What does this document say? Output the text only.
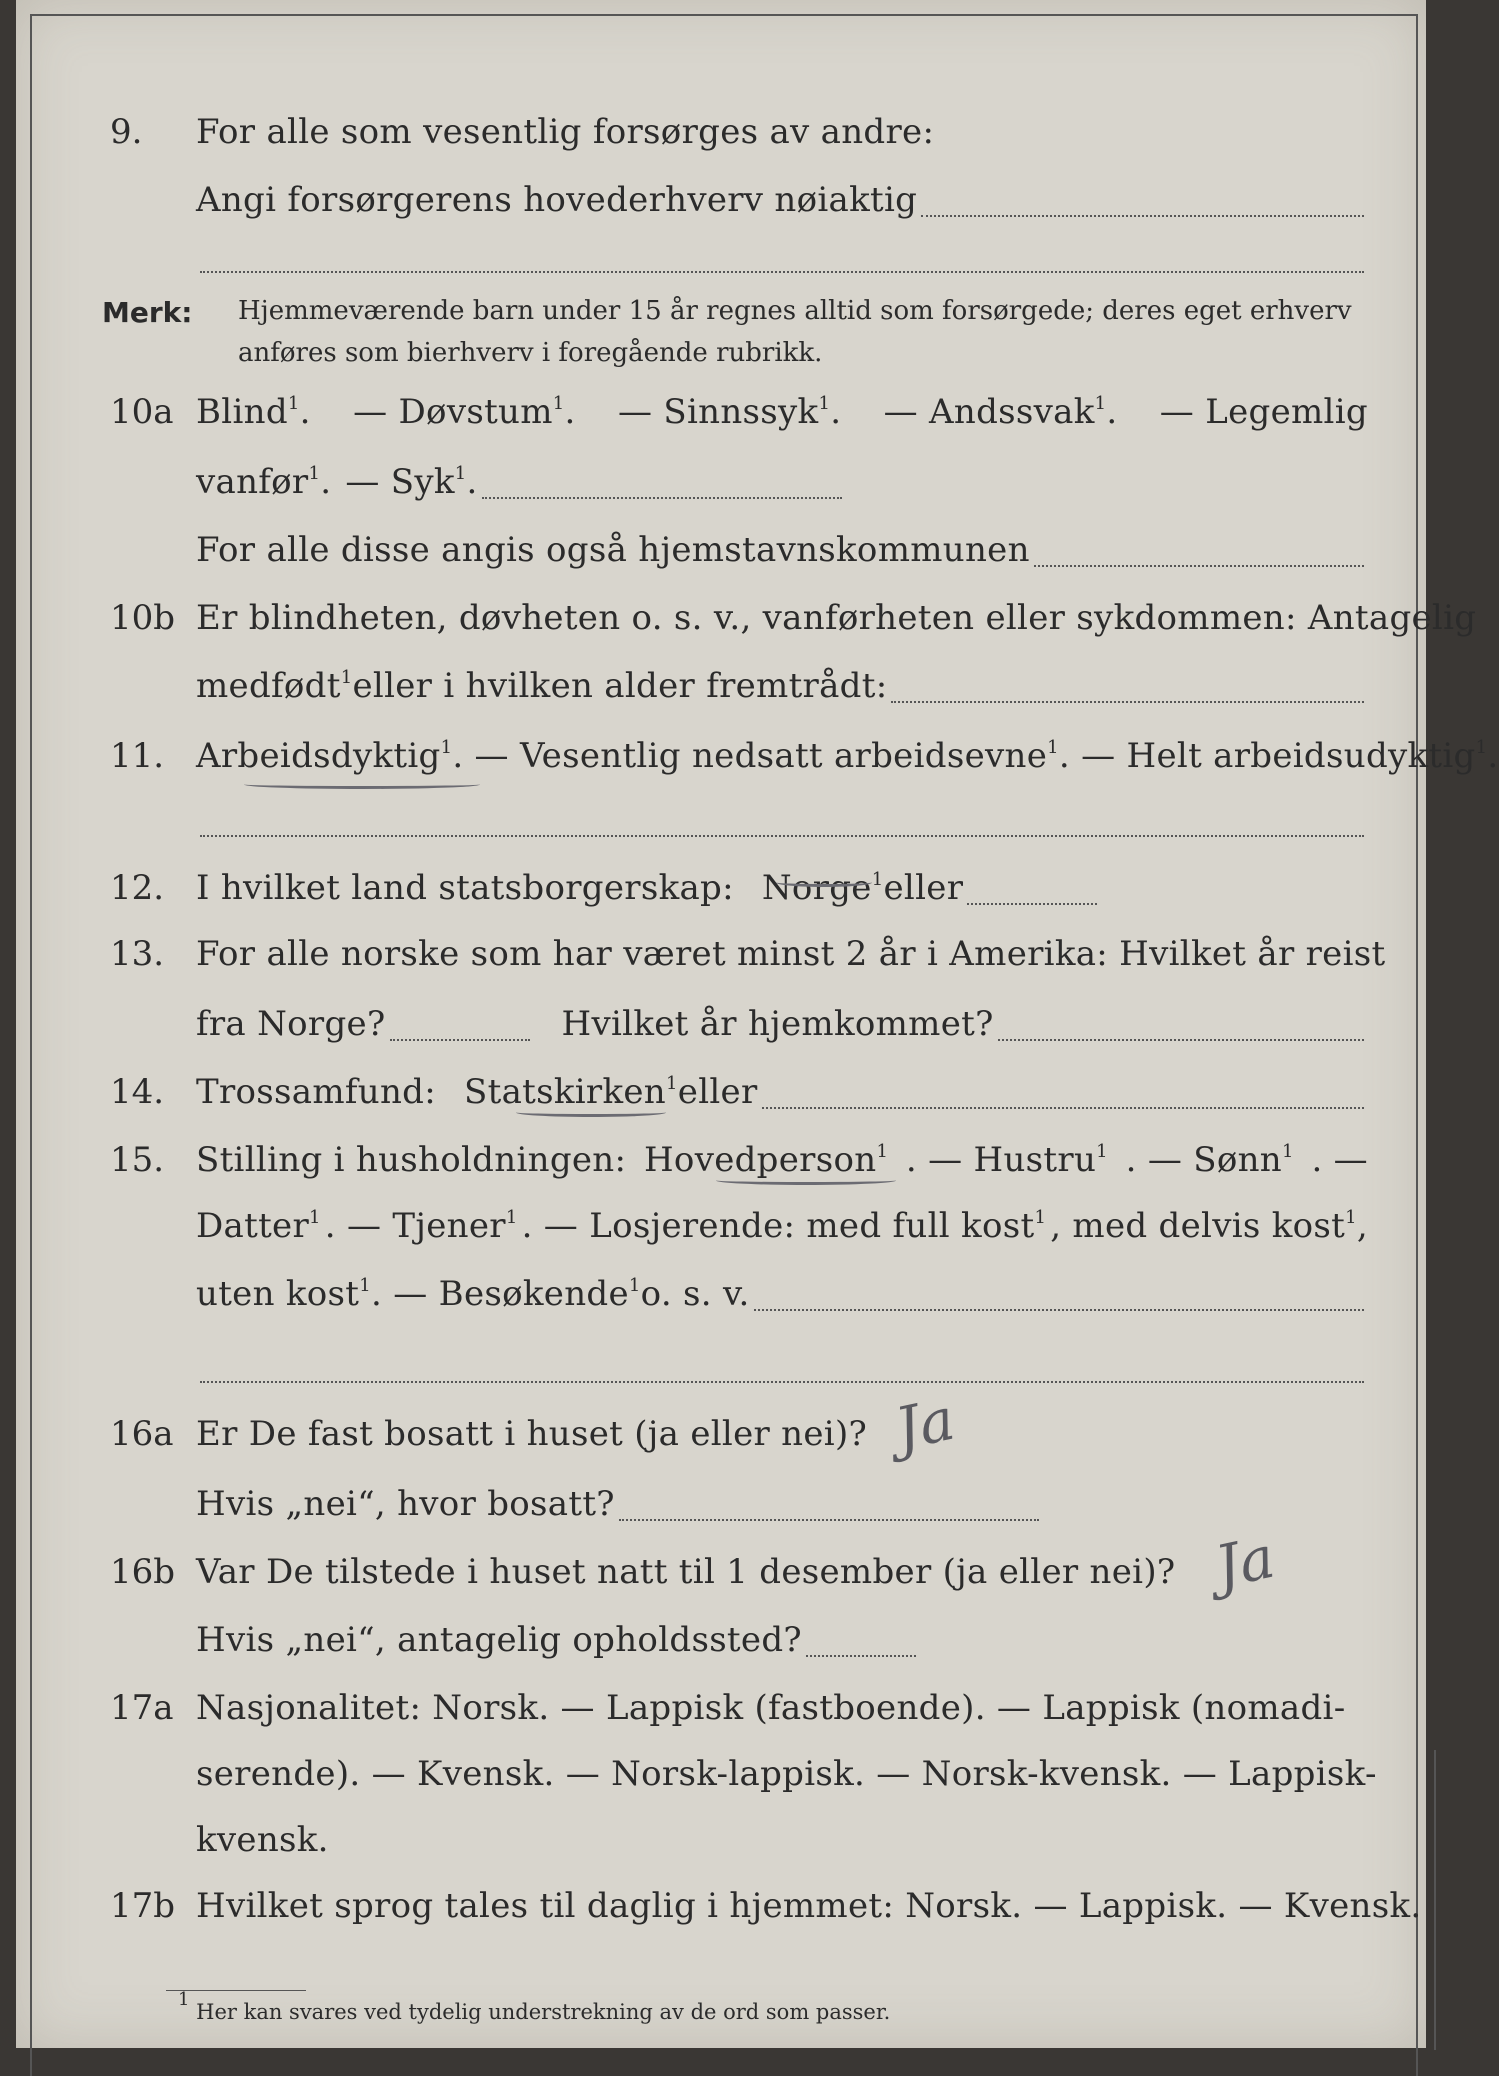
9.	For alle som vesentlig forsørges av andre:
Angi forsørgerens hovederhverv nøiaktig
Merk: Hjemmeværende barn under 15 år regnes alltid som forsørgede; deres eget erhverv anføres som bierhverv i foregående rubrikk.
10a Blind$^1$. — Døvstum$^1$. — Sinnssyk$^1$. — Andssvak$^1$. — Legemlig
vanfør$^1$. — Syk$^1$.
For alle disse angis også hjemstavnskommunen
10b Er blindheten, døvheten o. s. v., vanførheten eller sykdommen: Antagelig
medfødt$^1$ eller i hvilken alder fremtrådt:
11. Arbeidsdyktig$^1$ . — Vesentlig nedsatt arbeidsevne$^1$ . — Helt arbeidsudyktig$^1$ .
12. I hvilket land statsborgerskap: Norge$^1$ eller
13. For alle norske som har været minst 2 år i Amerika: Hvilket år reist
fra Norge?	Hvilket år hjemkommet?
14. Trossamfund: Statskirken$^1$ eller
15. Stilling i husholdningen: Hovedperson$^1$ . — Hustru$^1$ . — Sønn$^1$ . —
Datter$^1$ . — Tjener$^1$ . — Losjerende: med full kost$^1$ , med delvis kost$^1$,
uten kost$^1$ . — Besøkende$^1$ o. s. v.
16a Er De fast bosatt i huset (ja eller nei)? Ja
Hvis „nei“, hvor bosatt?
16b Var De tilstede i huset natt til 1 desember (ja eller nei)? Ja
Hvis „nei“, antagelig opholdssted?
17a Nasjonalitet: Norsk. — Lappisk (fastboende). — Lappisk (nomadi-
serende). — Kvensk. — Norsk-lappisk. — Norsk-kvensk. — Lappisk-
kvensk.
17b Hvilket sprog tales til daglig i hjemmet: Norsk. — Lappisk. — Kvensk.
$^1$ Her kan svares ved tydelig understrekning av de ord som passer.
